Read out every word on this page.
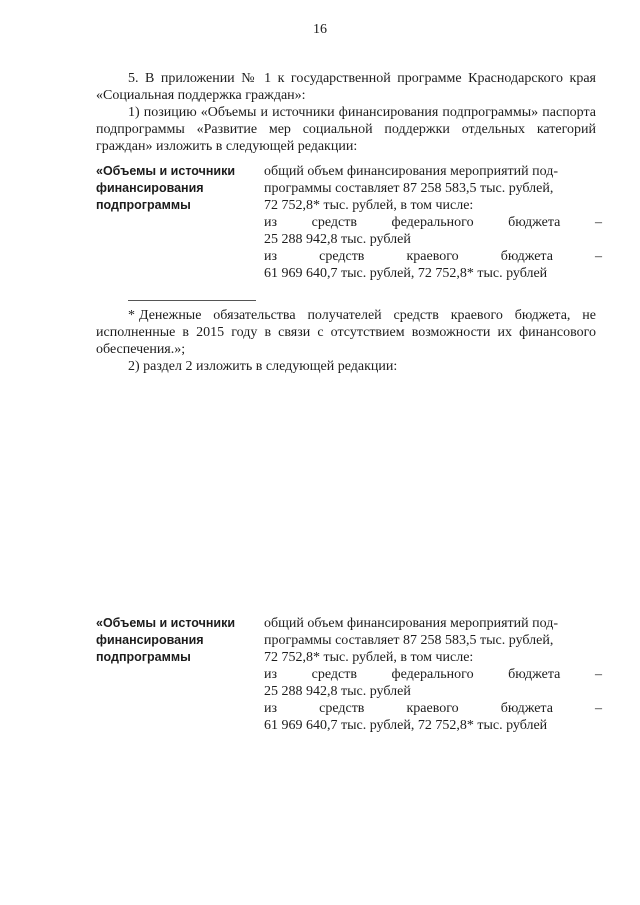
16

5. В приложении № 1 к государственной программе Краснодарского края «Социальная поддержка граждан»:

1) позицию «Объемы и источники финансирования подпрограммы» паспорта подпрограммы «Развитие мер социальной поддержки отдельных категорий граждан» изложить в следующей редакции:

«Объемы и источники финансирования подпрограммы
общий объем финансирования мероприятий под-
программы составляет 87 258 583,5 тыс. рублей,
72 752,8* тыс. рублей, в том числе:
из средств федерального бюджета –
25 288 942,8 тыс. рублей
из	средств	краевого	бюджета	–
61 969 640,7 тыс. рублей, 72 752,8* тыс. рублей

* Денежные обязательства получателей средств краевого бюджета, не исполненные в 2015 году в связи с отсутствием возможности их финансового обеспечения.»;

2) раздел 2 изложить в следующей редакции:

«Объемы и источники финансирования подпрограммы
общий объем финансирования мероприятий под-
программы составляет 87 258 583,5 тыс. рублей,
72 752,8* тыс. рублей, в том числе:
из средств федерального бюджета –
25 288 942,8 тыс. рублей
из	средств	краевого	бюджета	–
61 969 640,7 тыс. рублей, 72 752,8* тыс. рублей
